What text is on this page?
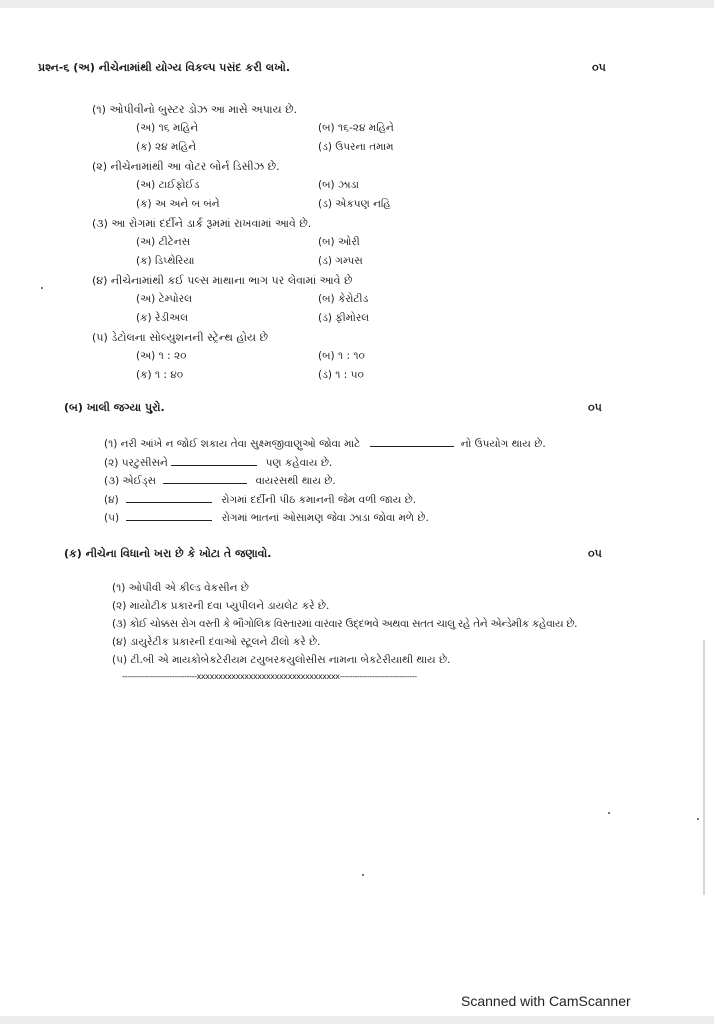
પ્રશ્ન-૬ (અ) નીચેનામાંથી યોગ્ય વિકલ્પ પસંદ કરી લખો.	૦૫
(૧) ઓપીવીનો બુસ્ટર ડોઝ આ માસે અપાય છે.
(અ) ૧૬ મહિને	(બ) ૧૬-૨૪ મહિને
(ક) ૨૪ મહિને	(ડ) ઉપરના તમામ
(૨) નીચેનામાંથી આ વોટર બોર્ન ડિસીઝ છે.
(અ) ટાઈફોઈડ	(બ) ઝાડા
(ક) અ અને બ બંને	(ડ) એકપણ નહિ
(૩) આ રોગમાં દર્દીને ડાર્ક રૂમમાં રાખવામાં આવે છે.
(અ) ટીટેનસ	(બ) ઓરી
(ક) ડિપ્થેરિયા	(ડ) ગમ્પસ
(૪) નીચેનામાંથી કઈ પલ્સ માથાના ભાગ પર લેવામાં આવે છે
(અ) ટેમ્પોરલ	(બ) કેરોટીડ
(ક) રેડીઅલ	(ડ) ફીમોરલ
(૫) ડેટોલના સોલ્યુશનની સ્ટ્રેન્થ હોય છે
(અ) ૧ : ૨૦	(બ) ૧ : ૧૦
(ક) ૧ : ૪૦	(ડ) ૧ : ૫૦
(બ) ખાલી જગ્યા પુરો.	૦૫
(૧) નરી આંખે ન જોઈ શકાય તેવા સુક્ષ્મજીવાણુઓ જોવા માટે	નો ઉપયોગ થાય છે.
(૨) પરટુસીસને	પણ કહેવાય છે.
(૩) એઈડ્સ	વાયરસથી થાય છે.
(૪)	રોગમાં દર્દીની પીઠ કમાનની જેમ વળી જાય છે.
(૫)	રોગમાં ભાતનાં ઓસામણ જેવા ઝાડા જોવા મળે છે.
(ક) નીચેના વિધાનો ખરા છે કે ખોટા તે જણાવો.	૦૫
(૧) ઓપીવી એ કીલ્ડ વેકસીન છે
(૨) માયોટીક પ્રકારની દવા પ્યુપીલને ડાયલેટ કરે છે.
(૩) કોઈ ચોક્કસ રોગ વસ્તી કે ભૌગોલિક વિસ્તારમાં વારંવાર ઉદ્દભવે અથવા સતત ચાલુ રહે તેને એન્ડેમીક કહેવાય છે.
(૪) ડાયુરેટીક પ્રકારની દવાઓ સ્ટૂલને ઢીલો કરે છે.
(૫) ટી.બી એ માયકોબેકટેરીયમ ટયુબરકયુલોસીસ નામના બેકટેરીયાથી થાય છે.
------------------------------xxxxxxxxxxxxxxxxxxxxxxxxxxxxxxxxx-------------------------------
Scanned with CamScanner
